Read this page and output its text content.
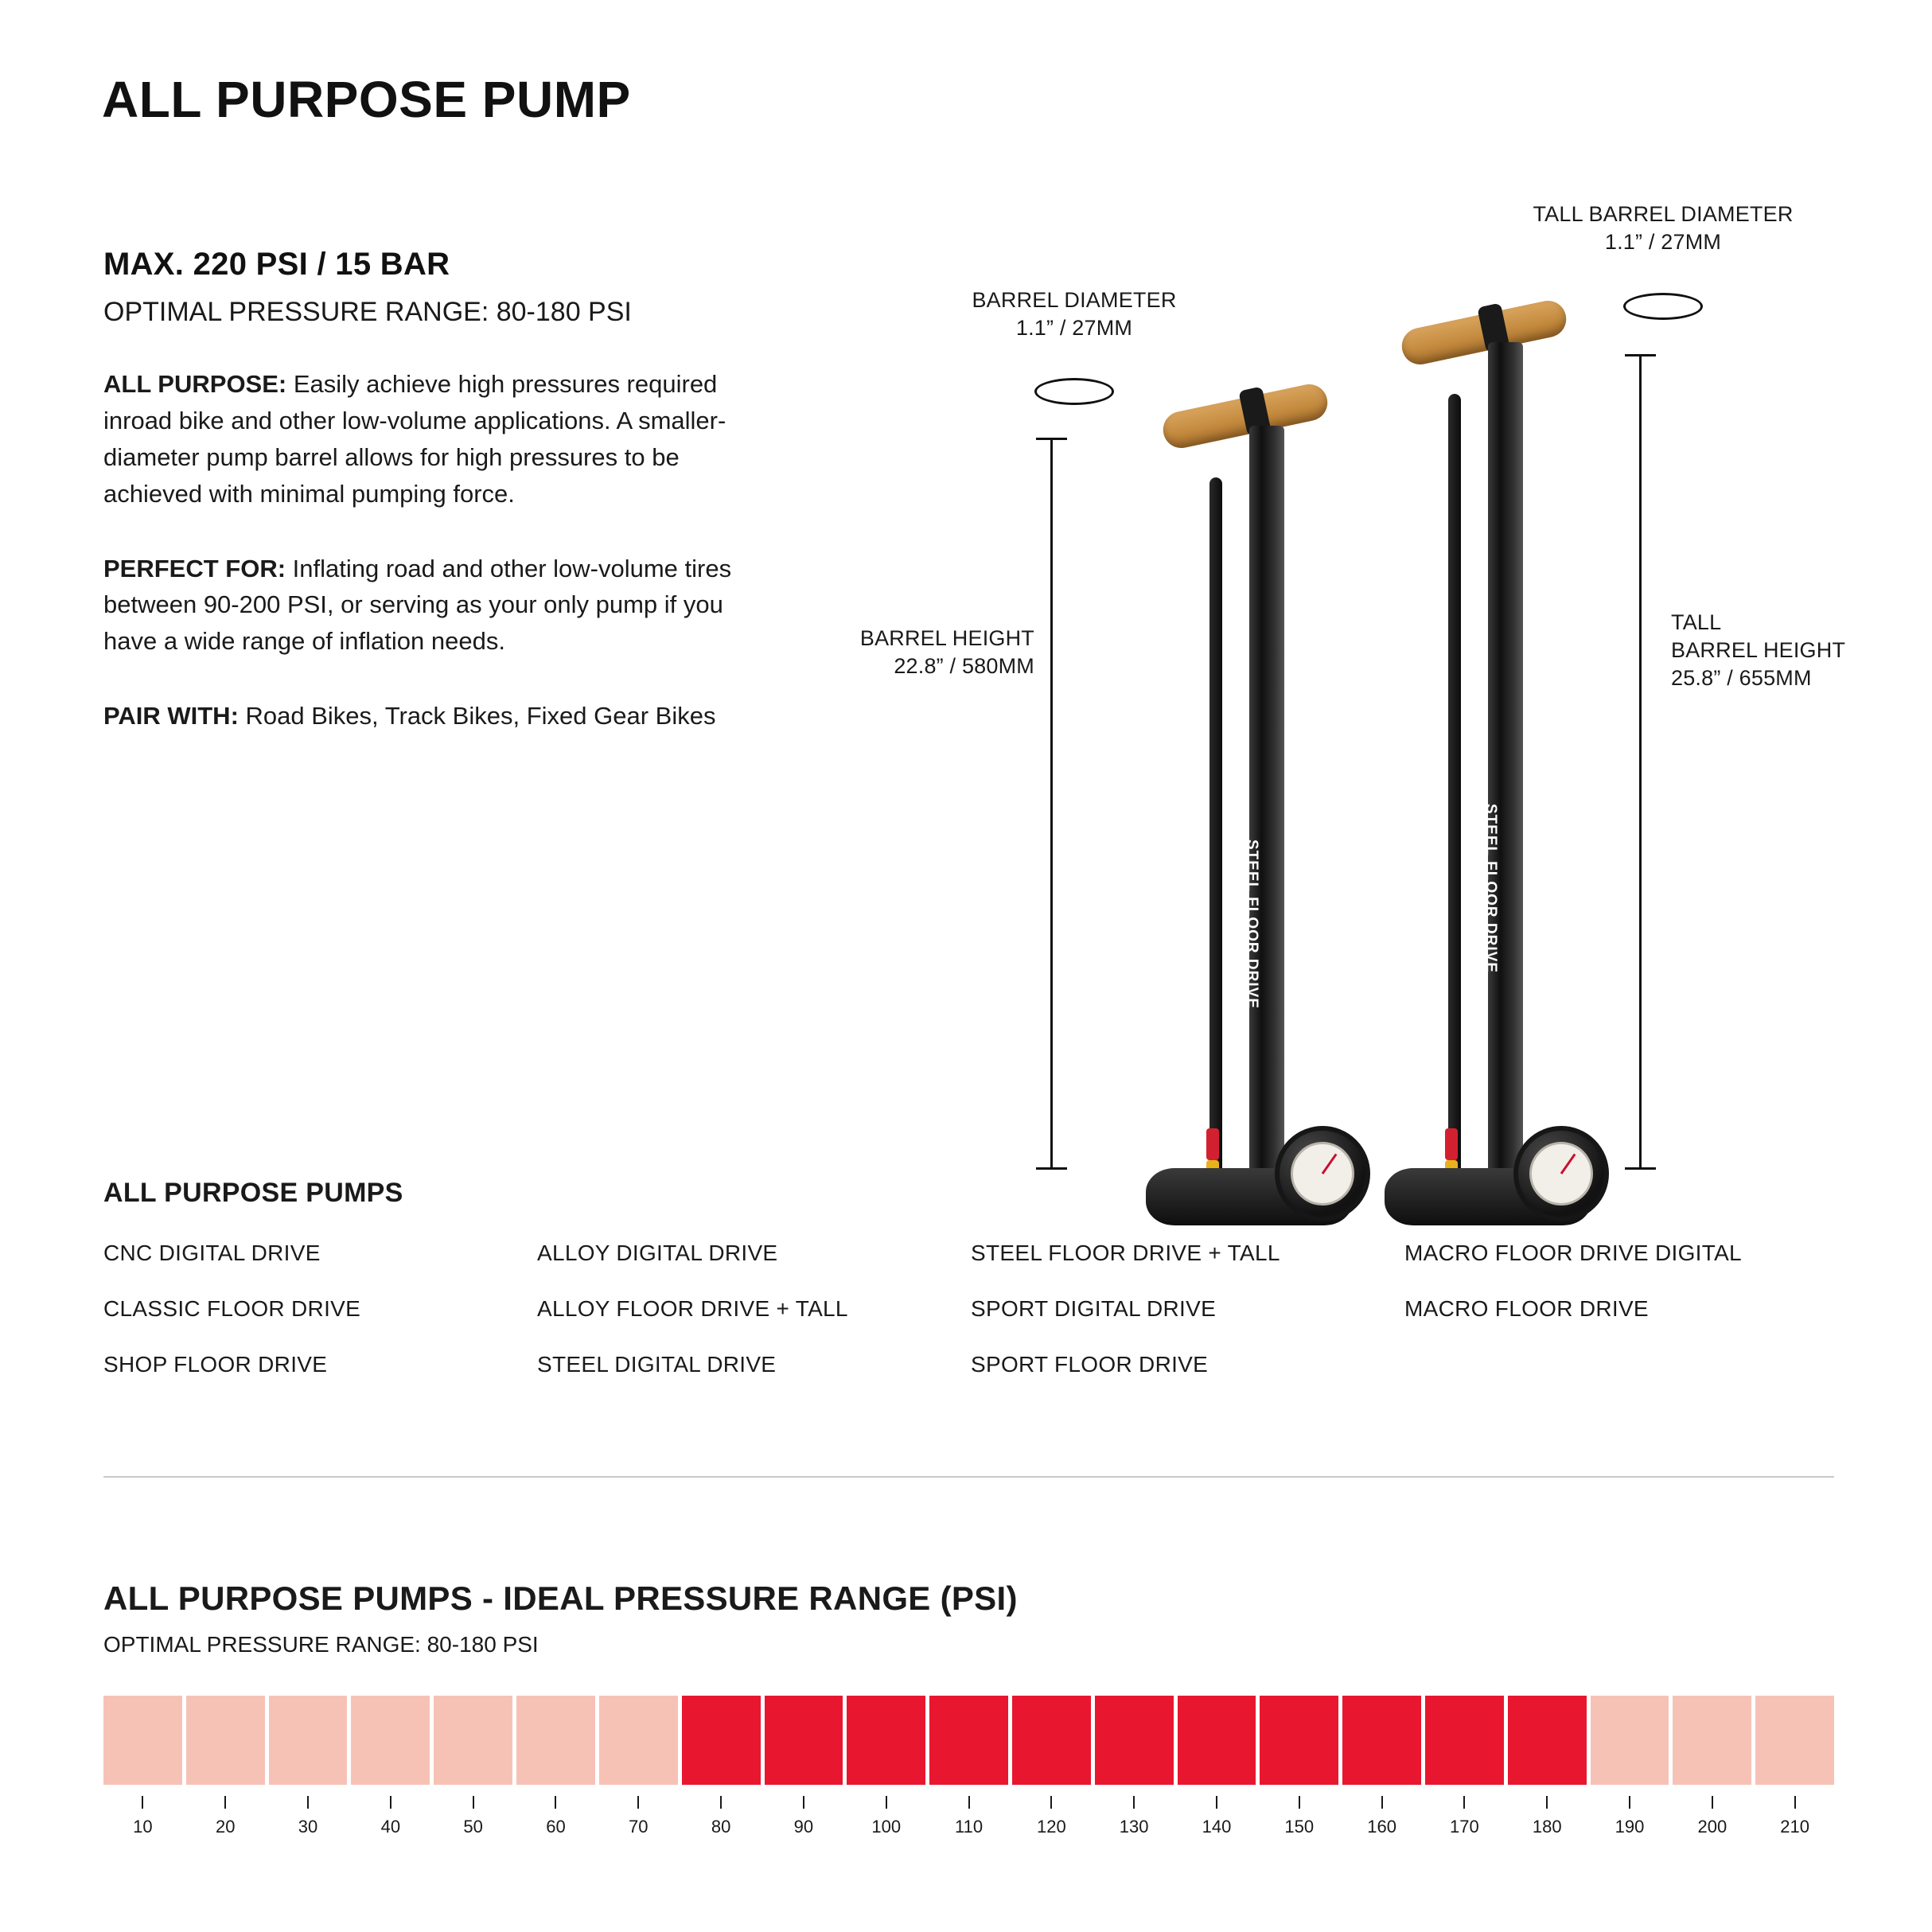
ALL PURPOSE PUMP
MAX. 220 PSI / 15 BAR
OPTIMAL PRESSURE RANGE: 80-180 PSI

ALL PURPOSE: Easily achieve high pressures required inroad bike and other low-volume applications. A smaller-diameter pump barrel allows for high pressures to be achieved with minimal pumping force.

PERFECT FOR: Inflating road and other low-volume tires between 90-200 PSI, or serving as your only pump if you have a wide range of inflation needs.

PAIR WITH: Road Bikes, Track Bikes, Fixed Gear Bikes

BARREL DIAMETER
1.1” / 27MM
TALL BARREL DIAMETER
1.1” / 27MM
BARREL HEIGHT
22.8” / 580MM
TALL
BARREL HEIGHT
25.8” / 655MM
STEEL FLOOR DRIVE	STEEL FLOOR DRIVE
ALL PURPOSE PUMPS
CNC DIGITAL DRIVE	ALLOY DIGITAL DRIVE	STEEL FLOOR DRIVE + TALL	MACRO FLOOR DRIVE DIGITAL
CLASSIC FLOOR DRIVE	ALLOY FLOOR DRIVE + TALL	SPORT DIGITAL DRIVE	MACRO FLOOR DRIVE
SHOP FLOOR DRIVE	STEEL DIGITAL DRIVE	SPORT FLOOR DRIVE
ALL PURPOSE PUMPS - IDEAL PRESSURE RANGE (PSI)
OPTIMAL PRESSURE RANGE: 80-180 PSI
10	20	30	40	50	60	70	80	90	100	110	120	130	140	150	160	170	180	190	200	210
